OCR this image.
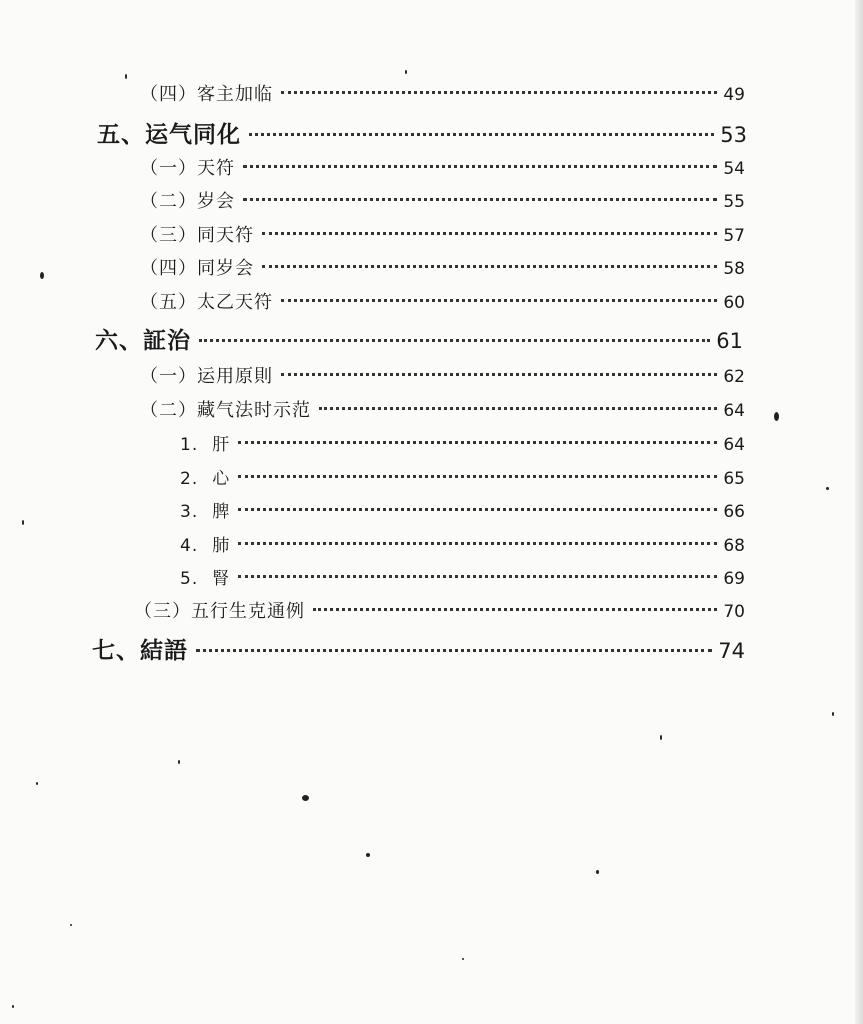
（四）客主加临	49
五、运气同化	53
（一）天符	54
（二）岁会	55
（三）同天符	57
（四）同岁会	58
（五）太乙天符	60
六、証治	61
（一）运用原則	62
（二）藏气法时示范	64
1. 肝	64
2. 心	65
3. 脾	66
4. 肺	68
5. 腎	69
（三）五行生克通例	70
七、結語	74
